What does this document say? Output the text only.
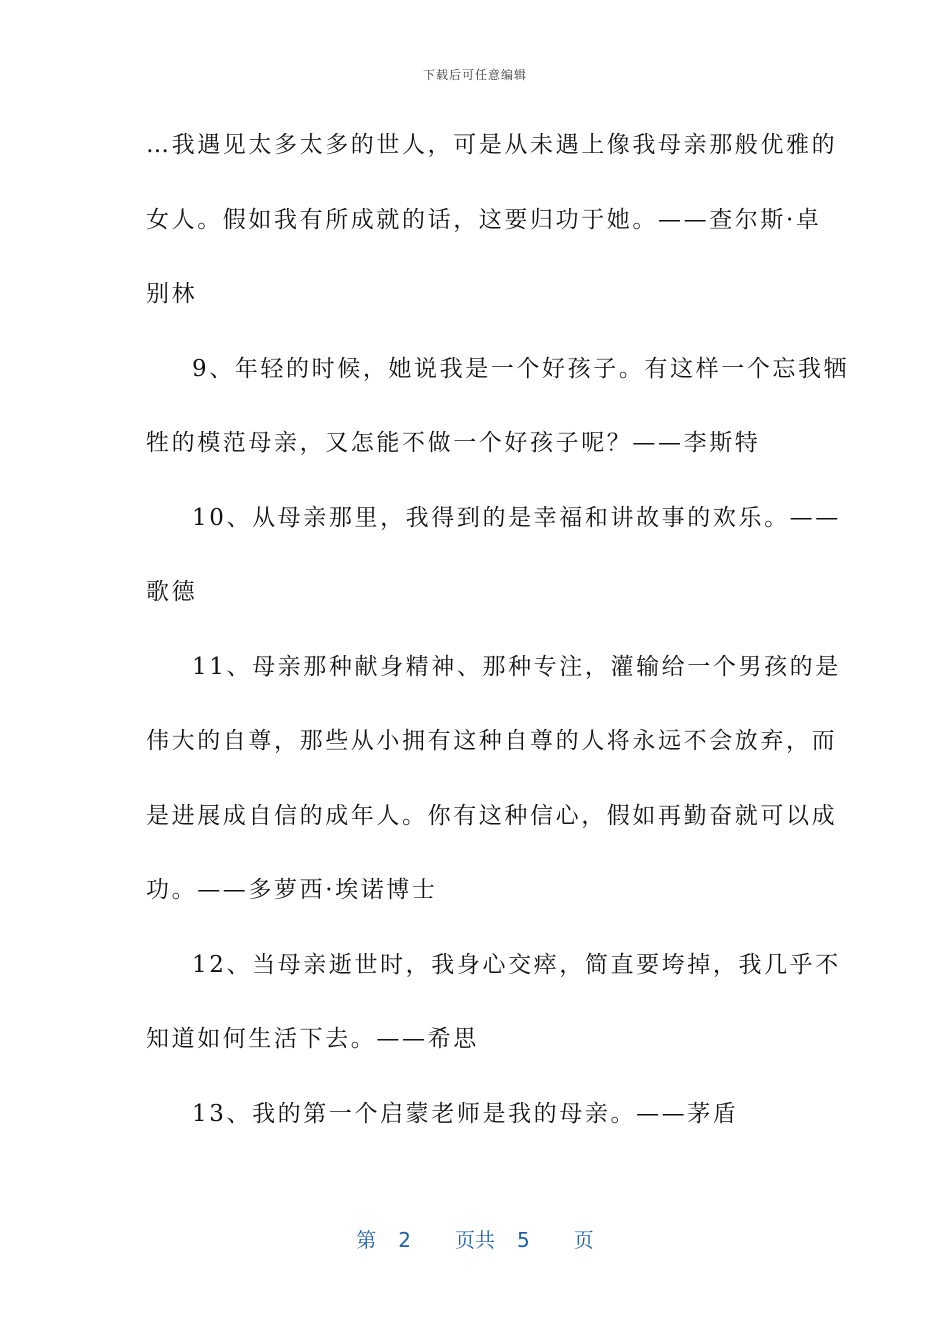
下载后可任意编辑
…我遇见太多太多的世人，可是从未遇上像我母亲那般优雅的
女人。假如我有所成就的话，这要归功于她。——查尔斯·卓
别林
9、年轻的时候，她说我是一个好孩子。有这样一个忘我牺
牲的模范母亲，又怎能不做一个好孩子呢？——李斯特
10、从母亲那里，我得到的是幸福和讲故事的欢乐。——
歌德
11、母亲那种献身精神、那种专注，灌输给一个男孩的是
伟大的自尊，那些从小拥有这种自尊的人将永远不会放弃，而
是进展成自信的成年人。你有这种信心，假如再勤奋就可以成
功。——多萝西·埃诺博士
12、当母亲逝世时，我身心交瘁，简直要垮掉，我几乎不
知道如何生活下去。——希思
13、我的第一个启蒙老师是我的母亲。——茅盾
第 2 页共 5 页
